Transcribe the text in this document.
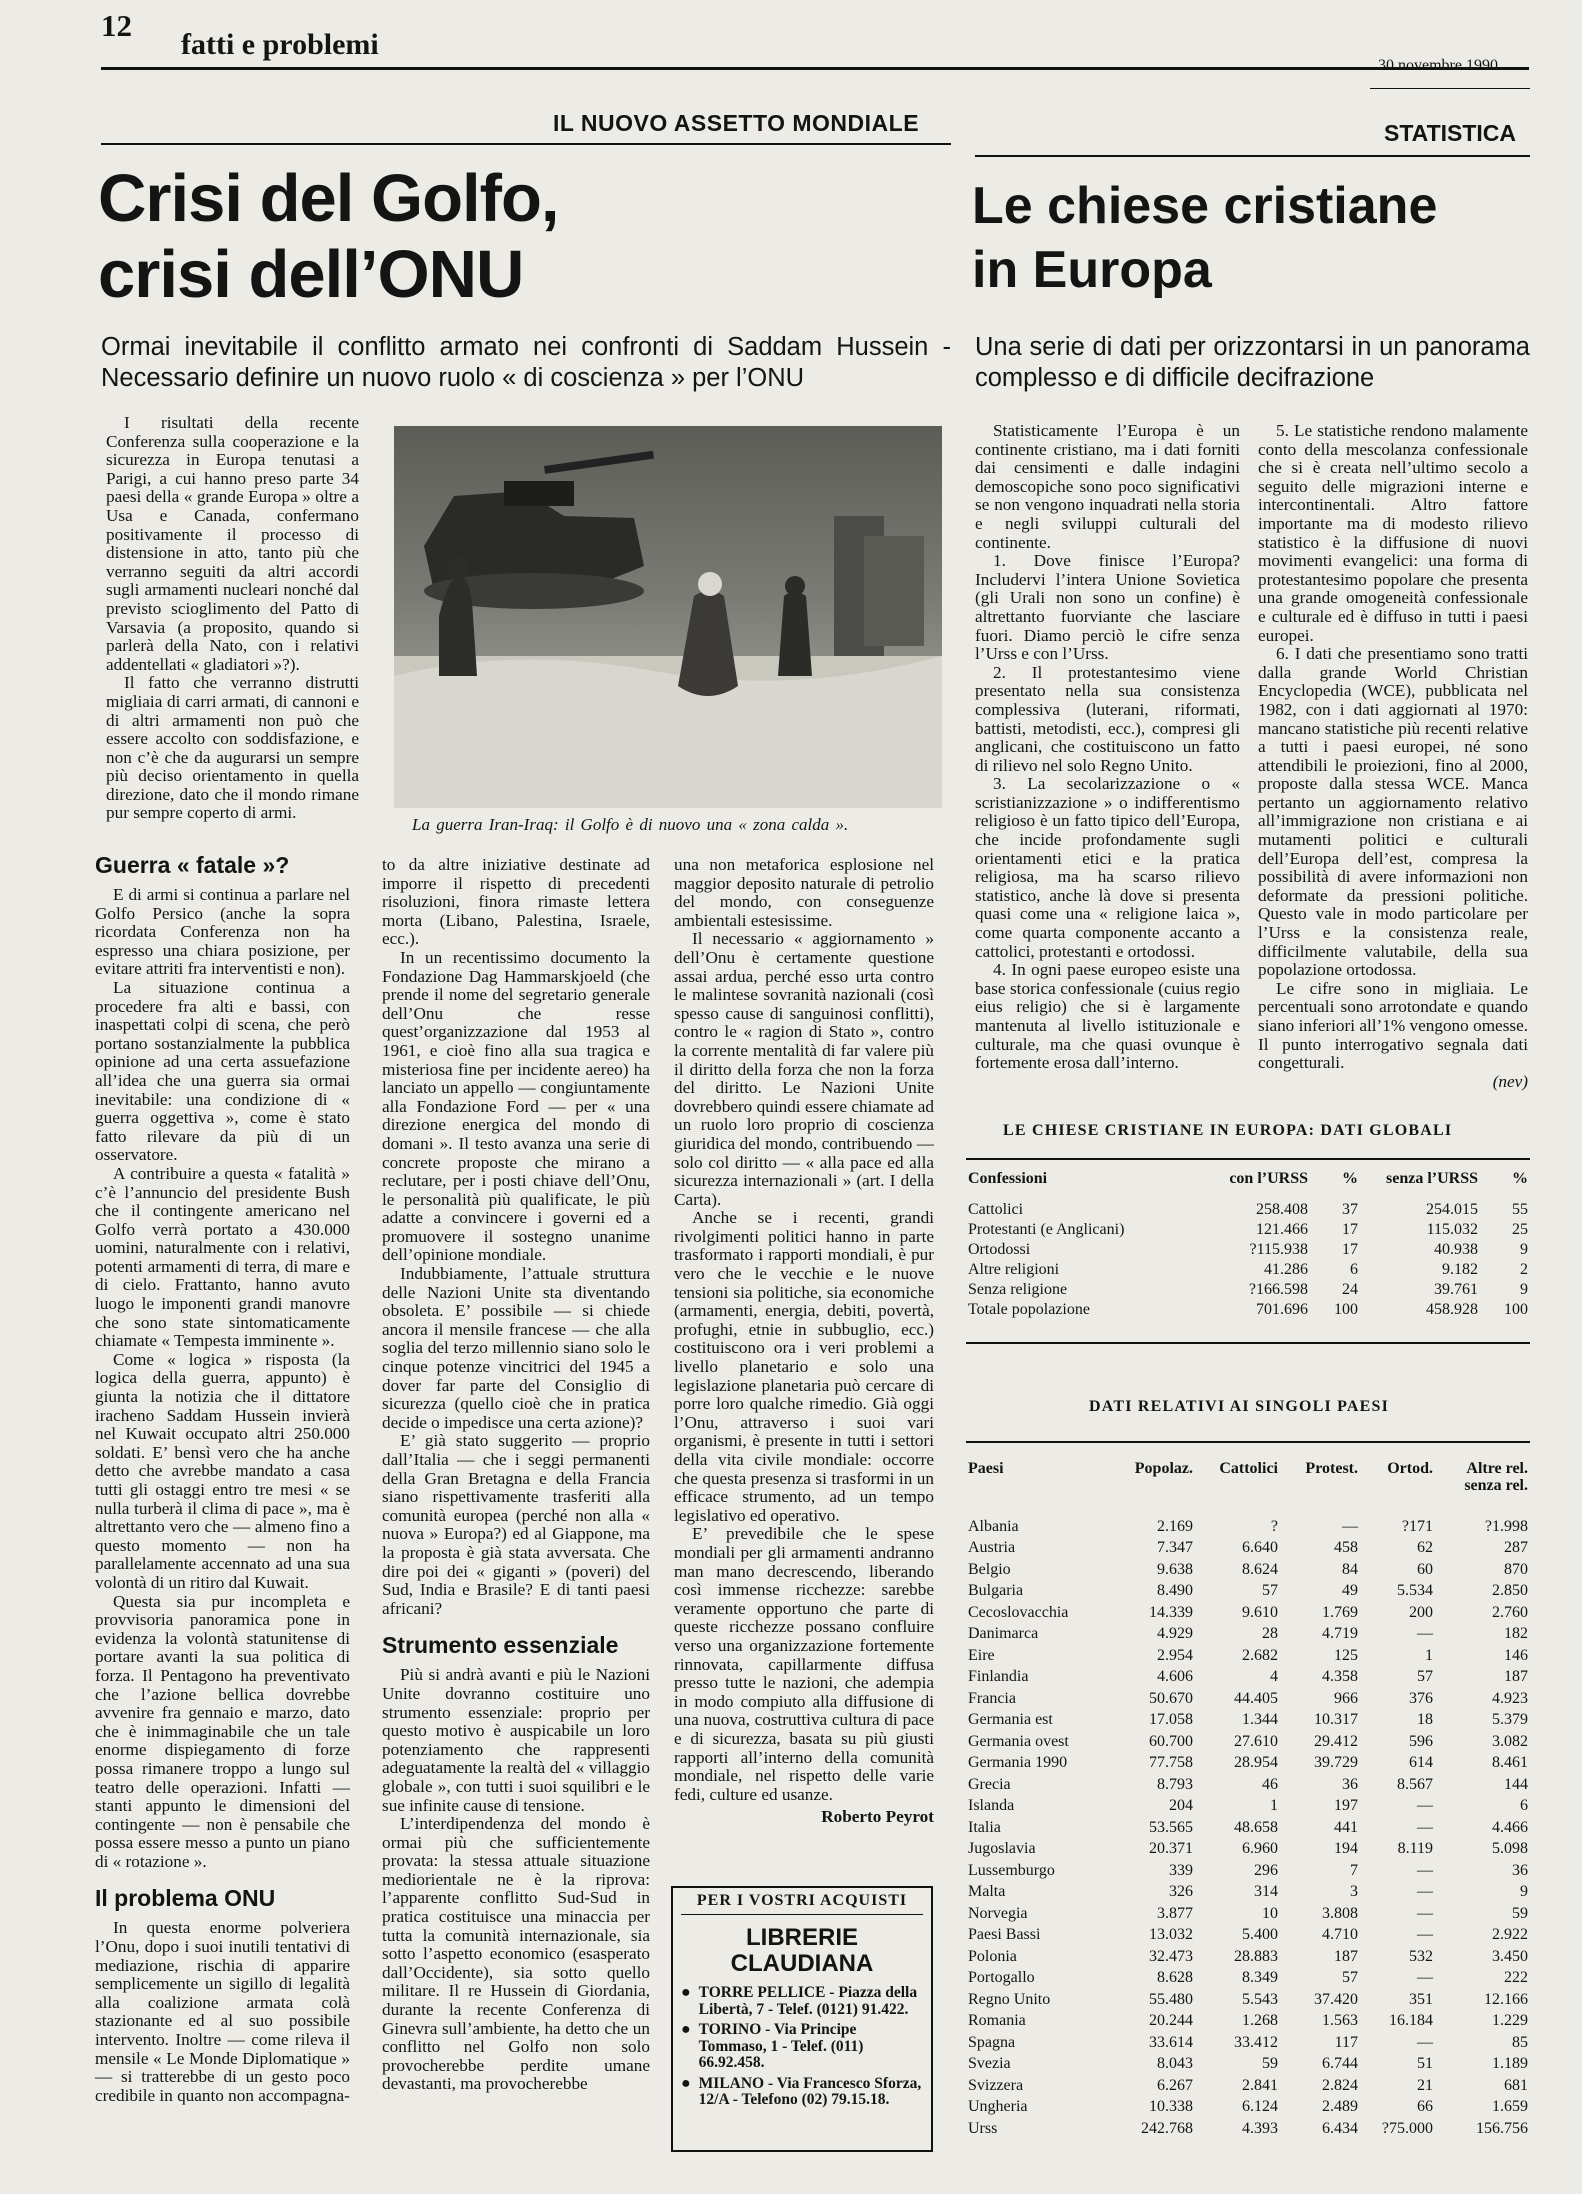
12
fatti e problemi
30 novembre 1990
IL NUOVO ASSETTO MONDIALE
Crisi del Golfo,
crisi dell’ONU
Ormai inevitabile il conflitto armato nei confronti di Saddam Hussein - Necessario definire un nuovo ruolo « di coscienza » per l’ONU
STATISTICA
Le chiese cristiane
in Europa
Una serie di dati per orizzontarsi in un panorama complesso e di difficile decifrazione

I risultati della recente Conferenza sulla cooperazione e la sicurezza in Europa tenutasi a Parigi, a cui hanno preso parte 34 paesi della « grande Europa » oltre a Usa e Canada, confermano positivamente il processo di distensione in atto, tanto più che verranno seguiti da altri accordi sugli armamenti nucleari nonché dal previsto scioglimento del Patto di Varsavia (a proposito, quando si parlerà della Nato, con i relativi addentellati « gladiatori »?).

Il fatto che verranno distrutti migliaia di carri armati, di cannoni e di altri armamenti non può che essere accolto con soddisfazione, e non c’è che da augurarsi un sempre più deciso orientamento in quella direzione, dato che il mondo rimane pur sempre coperto di armi.

La guerra Iran-Iraq: il Golfo è di nuovo una « zona calda ».
Guerra « fatale »?

E di armi si continua a parlare nel Golfo Persico (anche la sopra ricordata Conferenza non ha espresso una chiara posizione, per evitare attriti fra interventisti e non).

La situazione continua a procedere fra alti e bassi, con inaspettati colpi di scena, che però portano sostanzialmente la pubblica opinione ad una certa assuefazione all’idea che una guerra sia ormai inevitabile: una condizione di « guerra oggettiva », come è stato fatto rilevare da più di un osservatore.

A contribuire a questa « fatalità » c’è l’annuncio del presidente Bush che il contingente americano nel Golfo verrà portato a 430.000 uomini, naturalmente con i relativi, potenti armamenti di terra, di mare e di cielo. Frattanto, hanno avuto luogo le imponenti grandi manovre che sono state sintomaticamente chiamate « Tempesta imminente ».

Come « logica » risposta (la logica della guerra, appunto) è giunta la notizia che il dittatore iracheno Saddam Hussein invierà nel Kuwait occupato altri 250.000 soldati. E’ bensì vero che ha anche detto che avrebbe mandato a casa tutti gli ostaggi entro tre mesi « se nulla turberà il clima di pace », ma è altrettanto vero che — almeno fino a questo momento — non ha parallelamente accennato ad una sua volontà di un ritiro dal Kuwait.

Questa sia pur incompleta e provvisoria panoramica pone in evidenza la volontà statunitense di portare avanti la sua politica di forza. Il Pentagono ha preventivato che l’azione bellica dovrebbe avvenire fra gennaio e marzo, dato che è inimmaginabile che un tale enorme dispiegamento di forze possa rimanere troppo a lungo sul teatro delle operazioni. Infatti — stanti appunto le dimensioni del contingente — non è pensabile che possa essere messo a punto un piano di « rotazione ».

Il problema ONU

In questa enorme polveriera l’Onu, dopo i suoi inutili tentativi di mediazione, rischia di apparire semplicemente un sigillo di legalità alla coalizione armata colà stazionante ed al suo possibile intervento. Inoltre — come rileva il mensile « Le Monde Diplomatique » — si tratterebbe di un gesto poco credibile in quanto non accompagna-

to da altre iniziative destinate ad imporre il rispetto di precedenti risoluzioni, finora rimaste lettera morta (Libano, Palestina, Israele, ecc.).

In un recentissimo documento la Fondazione Dag Hammarskjoeld (che prende il nome del segretario generale dell’Onu che resse quest’organizzazione dal 1953 al 1961, e cioè fino alla sua tragica e misteriosa fine per incidente aereo) ha lanciato un appello — congiuntamente alla Fondazione Ford — per « una direzione energica del mondo di domani ». Il testo avanza una serie di concrete proposte che mirano a reclutare, per i posti chiave dell’Onu, le personalità più qualificate, le più adatte a convincere i governi ed a promuovere il sostegno unanime dell’opinione mondiale.

Indubbiamente, l’attuale struttura delle Nazioni Unite sta diventando obsoleta. E’ possibile — si chiede ancora il mensile francese — che alla soglia del terzo millennio siano solo le cinque potenze vincitrici del 1945 a dover far parte del Consiglio di sicurezza (quello cioè che in pratica decide o impedisce una certa azione)?

E’ già stato suggerito — proprio dall’Italia — che i seggi permanenti della Gran Bretagna e della Francia siano rispettivamente trasferiti alla comunità europea (perché non alla « nuova » Europa?) ed al Giappone, ma la proposta è già stata avversata. Che dire poi dei « giganti » (poveri) del Sud, India e Brasile? E di tanti paesi africani?

Strumento essenziale

Più si andrà avanti e più le Nazioni Unite dovranno costituire uno strumento essenziale: proprio per questo motivo è auspicabile un loro potenziamento che rappresenti adeguatamente la realtà del « villaggio globale », con tutti i suoi squilibri e le sue infinite cause di tensione.

L’interdipendenza del mondo è ormai più che sufficientemente provata: la stessa attuale situazione mediorientale ne è la riprova: l’apparente conflitto Sud-Sud in pratica costituisce una minaccia per tutta la comunità internazionale, sia sotto l’aspetto economico (esasperato dall’Occidente), sia sotto quello militare. Il re Hussein di Giordania, durante la recente Conferenza di Ginevra sull’ambiente, ha detto che un conflitto nel Golfo non solo provocherebbe perdite umane devastanti, ma provocherebbe

una non metaforica esplosione nel maggior deposito naturale di petrolio del mondo, con conseguenze ambientali estesissime.

Il necessario « aggiornamento » dell’Onu è certamente questione assai ardua, perché esso urta contro le malintese sovranità nazionali (così spesso cause di sanguinosi conflitti), contro le « ragion di Stato », contro la corrente mentalità di far valere più il diritto della forza che non la forza del diritto. Le Nazioni Unite dovrebbero quindi essere chiamate ad un ruolo loro proprio di coscienza giuridica del mondo, contribuendo — solo col diritto — « alla pace ed alla sicurezza internazionali » (art. I della Carta).

Anche se i recenti, grandi rivolgimenti politici hanno in parte trasformato i rapporti mondiali, è pur vero che le vecchie e le nuove tensioni sia politiche, sia economiche (armamenti, energia, debiti, povertà, profughi, etnie in subbuglio, ecc.) costituiscono ora i veri problemi a livello planetario e solo una legislazione planetaria può cercare di porre loro qualche rimedio. Già oggi l’Onu, attraverso i suoi vari organismi, è presente in tutti i settori della vita civile mondiale: occorre che questa presenza si trasformi in un efficace strumento, ad un tempo legislativo ed operativo.

E’ prevedibile che le spese mondiali per gli armamenti andranno man mano decrescendo, liberando così immense ricchezze: sarebbe veramente opportuno che parte di queste ricchezze possano confluire verso una organizzazione fortemente rinnovata, capillarmente diffusa presso tutte le nazioni, che adempia in modo compiuto alla diffusione di una nuova, costruttiva cultura di pace e di sicurezza, basata su più giusti rapporti all’interno della comunità mondiale, nel rispetto delle varie fedi, culture ed usanze.

Roberto Peyrot
PER I VOSTRI ACQUISTI
LIBRERIE
CLAUDIANA
● TORRE PELLICE - Piazza della Libertà, 7 - Telef. (0121) 91.422.
● TORINO - Via Principe Tommaso, 1 - Telef. (011) 66.92.458.
● MILANO - Via Francesco Sforza, 12/A - Telefono (02) 79.15.18.

Statisticamente l’Europa è un continente cristiano, ma i dati forniti dai censimenti e dalle indagini demoscopiche sono poco significativi se non vengono inquadrati nella storia e negli sviluppi culturali del continente.

1. Dove finisce l’Europa? Includervi l’intera Unione Sovietica (gli Urali non sono un confine) è altrettanto fuorviante che lasciare fuori. Diamo perciò le cifre senza l’Urss e con l’Urss.

2. Il protestantesimo viene presentato nella sua consistenza complessiva (luterani, riformati, battisti, metodisti, ecc.), compresi gli anglicani, che costituiscono un fatto di rilievo nel solo Regno Unito.

3. La secolarizzazione o « scristianizzazione » o indifferentismo religioso è un fatto tipico dell’Europa, che incide profondamente sugli orientamenti etici e la pratica religiosa, ma ha scarso rilievo statistico, anche là dove si presenta quasi come una « religione laica », come quarta componente accanto a cattolici, protestanti e ortodossi.

4. In ogni paese europeo esiste una base storica confessionale (cuius regio eius religio) che si è largamente mantenuta al livello istituzionale e culturale, ma che quasi ovunque è fortemente erosa dall’interno.

5. Le statistiche rendono malamente conto della mescolanza confessionale che si è creata nell’ultimo secolo a seguito delle migrazioni interne e intercontinentali. Altro fattore importante ma di modesto rilievo statistico è la diffusione di nuovi movimenti evangelici: una forma di protestantesimo popolare che presenta una grande omogeneità confessionale e culturale ed è diffuso in tutti i paesi europei.

6. I dati che presentiamo sono tratti dalla grande World Christian Encyclopedia (WCE), pubblicata nel 1982, con i dati aggiornati al 1970: mancano statistiche più recenti relative a tutti i paesi europei, né sono attendibili le proiezioni, fino al 2000, proposte dalla stessa WCE. Manca pertanto un aggiornamento relativo all’immigrazione non cristiana e ai mutamenti politici e culturali dell’Europa dell’est, compresa la possibilità di avere informazioni non deformate da pressioni politiche. Questo vale in modo particolare per l’Urss e la consistenza reale, difficilmente valutabile, della sua popolazione ortodossa.

Le cifre sono in migliaia. Le percentuali sono arrotondate e quando siano inferiori all’1% vengono omesse. Il punto interrogativo segnala dati congetturali.

(nev)
LE CHIESE CRISTIANE IN EUROPA: DATI GLOBALI
Confessioni	con l’URSS	%	senza l’URSS	%
Cattolici	258.408	37	254.015	55
Protestanti (e Anglicani)	121.466	17	115.032	25
Ortodossi	?115.938	17	40.938	9
Altre religioni	41.286	6	9.182	2
Senza religione	?166.598	24	39.761	9
Totale popolazione	701.696	100	458.928	100
DATI RELATIVI AI SINGOLI PAESI
Paesi	Popolaz.	Cattolici	Protest.	Ortod.	Altre rel.
senza rel.

Albania	2.169	?	—	?171	?1.998
Austria	7.347	6.640	458	62	287
Belgio	9.638	8.624	84	60	870
Bulgaria	8.490	57	49	5.534	2.850
Cecoslovacchia	14.339	9.610	1.769	200	2.760
Danimarca	4.929	28	4.719	—	182
Eire	2.954	2.682	125	1	146
Finlandia	4.606	4	4.358	57	187
Francia	50.670	44.405	966	376	4.923
Germania est	17.058	1.344	10.317	18	5.379
Germania ovest	60.700	27.610	29.412	596	3.082
Germania 1990	77.758	28.954	39.729	614	8.461
Grecia	8.793	46	36	8.567	144
Islanda	204	1	197	—	6
Italia	53.565	48.658	441	—	4.466
Jugoslavia	20.371	6.960	194	8.119	5.098
Lussemburgo	339	296	7	—	36
Malta	326	314	3	—	9
Norvegia	3.877	10	3.808	—	59
Paesi Bassi	13.032	5.400	4.710	—	2.922
Polonia	32.473	28.883	187	532	3.450
Portogallo	8.628	8.349	57	—	222
Regno Unito	55.480	5.543	37.420	351	12.166
Romania	20.244	1.268	1.563	16.184	1.229
Spagna	33.614	33.412	117	—	85
Svezia	8.043	59	6.744	51	1.189
Svizzera	6.267	2.841	2.824	21	681
Ungheria	10.338	6.124	2.489	66	1.659
Urss	242.768	4.393	6.434	?75.000	156.756
